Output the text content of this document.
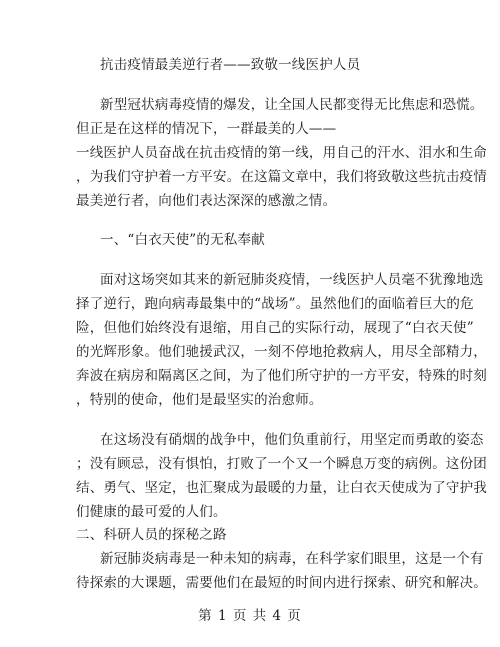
抗击疫情最美逆行者——致敬一线医护人员
新型冠状病毒疫情的爆发，让全国人民都变得无比焦虑和恐慌。
但正是在这样的情况下，一群最美的人——
一线医护人员奋战在抗击疫情的第一线，用自己的汗水、泪水和生命
，为我们守护着一方平安。在这篇文章中，我们将致敬这些抗击疫情
最美逆行者，向他们表达深深的感激之情。
一、“白衣天使”的无私奉献
面对这场突如其来的新冠肺炎疫情，一线医护人员毫不犹豫地选
择了逆行，跑向病毒最集中的“战场”。虽然他们的面临着巨大的危
险，但他们始终没有退缩，用自己的实际行动，展现了“白衣天使”
的光辉形象。他们驰援武汉，一刻不停地抢救病人，用尽全部精力，
奔波在病房和隔离区之间，为了他们所守护的一方平安，特殊的时刻
，特别的使命，他们是最坚实的治愈师。
在这场没有硝烟的战争中，他们负重前行，用坚定而勇敢的姿态
；没有顾忌，没有惧怕，打败了一个又一个瞬息万变的病例。这份团
结、勇气、坚定，也汇聚成为最暖的力量，让白衣天使成为了守护我
们健康的最可爱的人们。
二、科研人员的探秘之路
新冠肺炎病毒是一种未知的病毒，在科学家们眼里，这是一个有
待探索的大课题，需要他们在最短的时间内进行探索、研究和解决。
第 1 页 共 4 页
